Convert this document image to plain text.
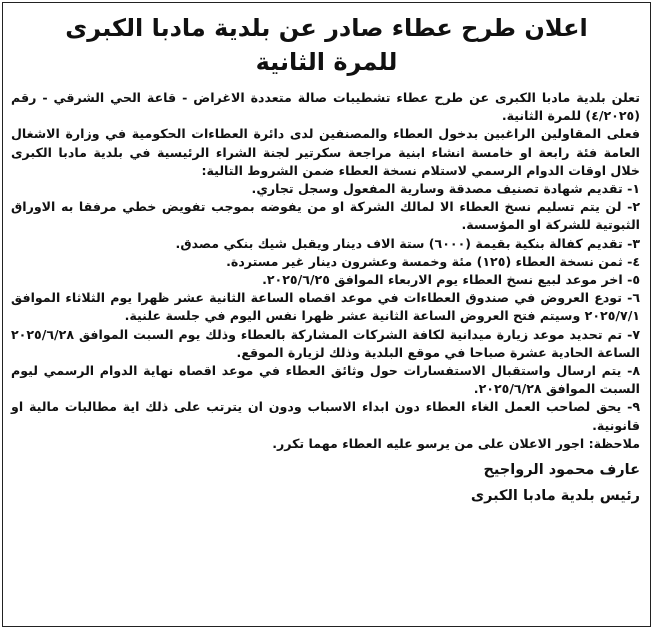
اعلان طرح عطاء صادر عن بلدية مادبا الكبرى
للمرة الثانية
تعلن بلدية مادبا الكبرى عن طرح عطاء تشطيبات صالة متعددة الاغراض - قاعة الحي الشرقي - رقم (٤/٢٠٢٥) للمرة الثانية.
فعلى المقاولين الراغبين بدخول العطاء والمصنفين لدى دائرة العطاءات الحكومية في وزارة الاشغال العامة فئة رابعة او خامسة انشاء ابنية مراجعة سكرتير لجنة الشراء الرئيسية في بلدية مادبا الكبرى خلال اوقات الدوام الرسمي لاستلام نسخة العطاء ضمن الشروط التالية:
١- تقديم شهادة تصنيف مصدقة وسارية المفعول وسجل تجاري.
٢- لن يتم تسليم نسخ العطاء الا لمالك الشركة او من يفوضه بموجب تفويض خطي مرفقا به الاوراق الثبوتية للشركة او المؤسسة.
٣- تقديم كفالة بنكية بقيمة (٦٠٠٠) ستة الاف دينار ويقبل شيك بنكي مصدق.
٤- ثمن نسخة العطاء (١٢٥) مئة وخمسة وعشرون دينار غير مستردة.
٥- اخر موعد لبيع نسخ العطاء يوم الاربعاء الموافق ٢٠٢٥/٦/٢٥.
٦- تودع العروض في صندوق العطاءات في موعد اقصاه الساعة الثانية عشر ظهرا يوم الثلاثاء الموافق ٢٠٢٥/٧/١ وسيتم فتح العروض الساعة الثانية عشر ظهرا نفس اليوم في جلسة علنية.
٧- تم تحديد موعد زيارة ميدانية لكافة الشركات المشاركة بالعطاء وذلك يوم السبت الموافق ٢٠٢٥/٦/٢٨ الساعة الحادية عشرة صباحا في موقع البلدية وذلك لزيارة الموقع.
٨- يتم ارسال واستقبال الاستفسارات حول وثائق العطاء في موعد اقصاه نهاية الدوام الرسمي ليوم السبت الموافق ٢٠٢٥/٦/٢٨.
٩- يحق لصاحب العمل الغاء العطاء دون ابداء الاسباب ودون ان يترتب على ذلك اية مطالبات مالية او قانونية.
ملاحظة: اجور الاعلان على من يرسو عليه العطاء مهما تكرر.
عارف محمود الرواجيح
رئيس بلدية مادبا الكبرى
